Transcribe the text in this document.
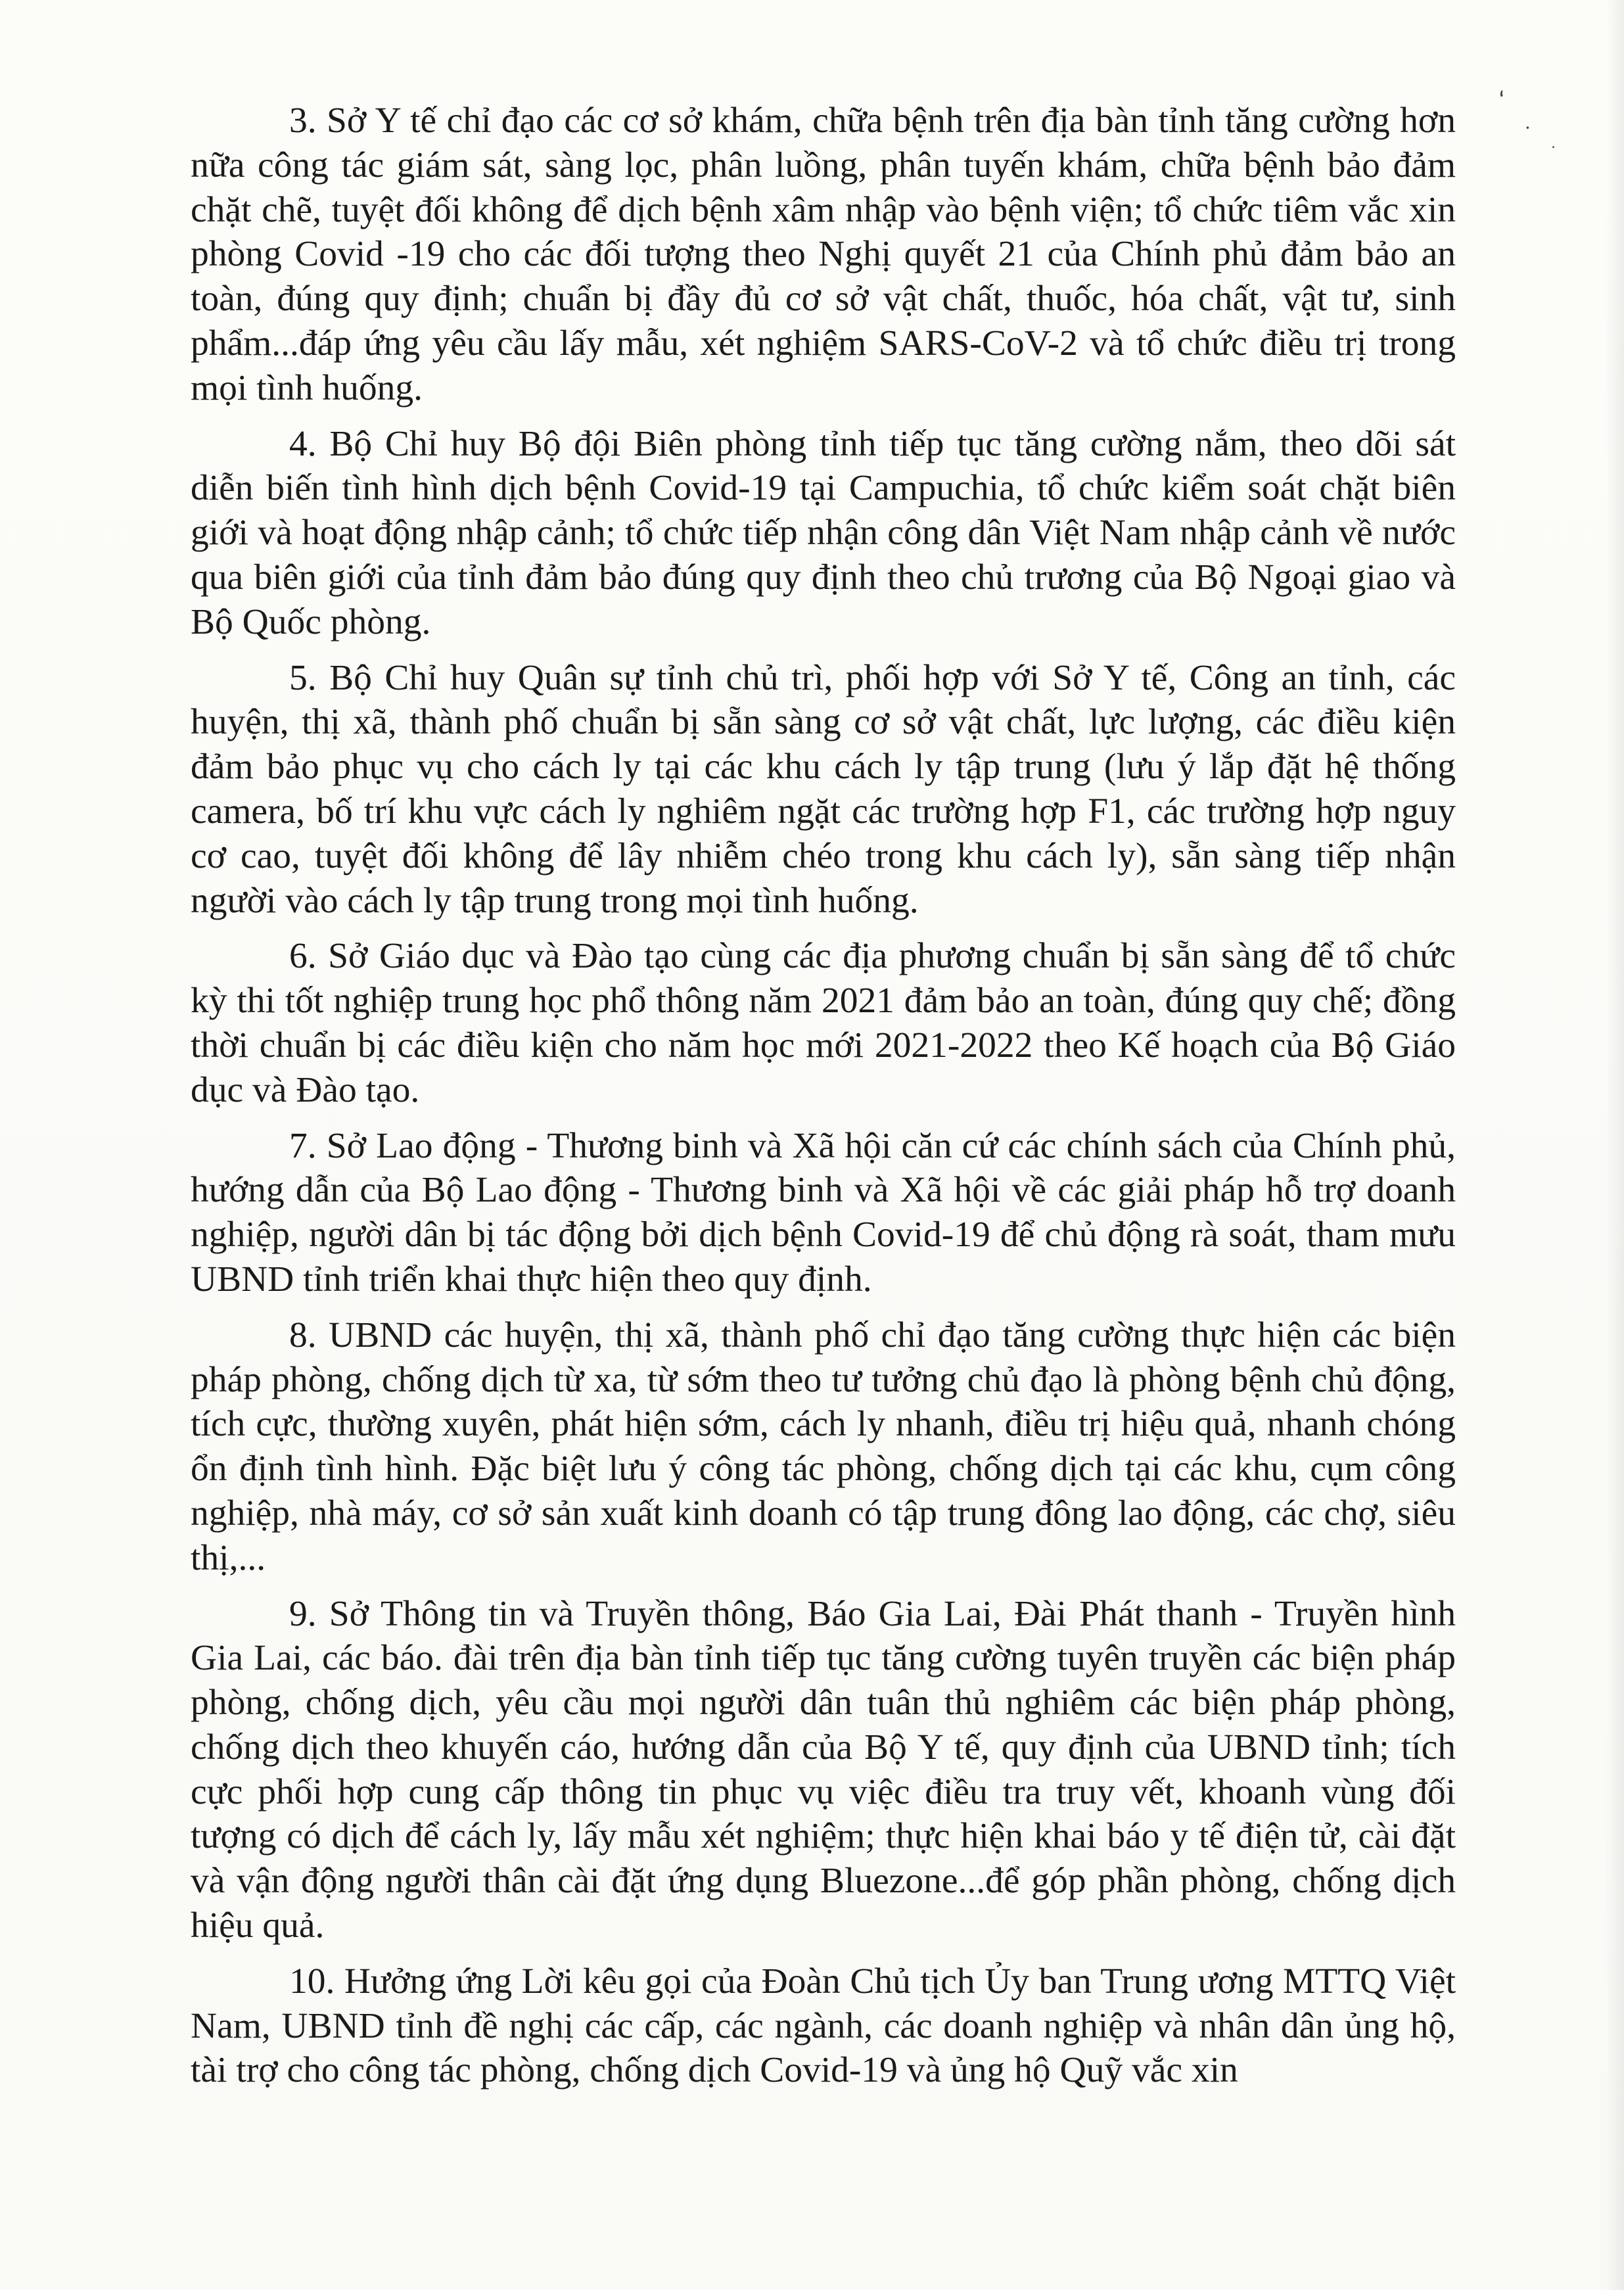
‘
·
.

3. Sở Y tế chỉ đạo các cơ sở khám, chữa bệnh trên địa bàn tỉnh tăng cường hơn nữa công tác giám sát, sàng lọc, phân luồng, phân tuyến khám, chữa bệnh bảo đảm chặt chẽ, tuyệt đối không để dịch bệnh xâm nhập vào bệnh viện; tổ chức tiêm vắc xin phòng Covid -19 cho các đối tượng theo Nghị quyết 21 của Chính phủ đảm bảo an toàn, đúng quy định; chuẩn bị đầy đủ cơ sở vật chất, thuốc, hóa chất, vật tư, sinh phẩm...đáp ứng yêu cầu lấy mẫu, xét nghiệm SARS-CoV-2 và tổ chức điều trị trong mọi tình huống.

4. Bộ Chỉ huy Bộ đội Biên phòng tỉnh tiếp tục tăng cường nắm, theo dõi sát diễn biến tình hình dịch bệnh Covid-19 tại Campuchia, tổ chức kiểm soát chặt biên giới và hoạt động nhập cảnh; tổ chức tiếp nhận công dân Việt Nam nhập cảnh về nước qua biên giới của tỉnh đảm bảo đúng quy định theo chủ trương của Bộ Ngoại giao và Bộ Quốc phòng.

5. Bộ Chỉ huy Quân sự tỉnh chủ trì, phối hợp với Sở Y tế, Công an tỉnh, các huyện, thị xã, thành phố chuẩn bị sẵn sàng cơ sở vật chất, lực lượng, các điều kiện đảm bảo phục vụ cho cách ly tại các khu cách ly tập trung (lưu ý lắp đặt hệ thống camera, bố trí khu vực cách ly nghiêm ngặt các trường hợp F1, các trường hợp nguy cơ cao, tuyệt đối không để lây nhiễm chéo trong khu cách ly), sẵn sàng tiếp nhận người vào cách ly tập trung trong mọi tình huống.

6. Sở Giáo dục và Đào tạo cùng các địa phương chuẩn bị sẵn sàng để tổ chức kỳ thi tốt nghiệp trung học phổ thông năm 2021 đảm bảo an toàn, đúng quy chế; đồng thời chuẩn bị các điều kiện cho năm học mới 2021-2022 theo Kế hoạch của Bộ Giáo dục và Đào tạo.

7. Sở Lao động - Thương binh và Xã hội căn cứ các chính sách của Chính phủ, hướng dẫn của Bộ Lao động - Thương binh và Xã hội về các giải pháp hỗ trợ doanh nghiệp, người dân bị tác động bởi dịch bệnh Covid-19 để chủ động rà soát, tham mưu UBND tỉnh triển khai thực hiện theo quy định.

8. UBND các huyện, thị xã, thành phố chỉ đạo tăng cường thực hiện các biện pháp phòng, chống dịch từ xa, từ sớm theo tư tưởng chủ đạo là phòng bệnh chủ động, tích cực, thường xuyên, phát hiện sớm, cách ly nhanh, điều trị hiệu quả, nhanh chóng ổn định tình hình. Đặc biệt lưu ý công tác phòng, chống dịch tại các khu, cụm công nghiệp, nhà máy, cơ sở sản xuất kinh doanh có tập trung đông lao động, các chợ, siêu thị,...

9. Sở Thông tin và Truyền thông, Báo Gia Lai, Đài Phát thanh - Truyền hình Gia Lai, các báo. đài trên địa bàn tỉnh tiếp tục tăng cường tuyên truyền các biện pháp phòng, chống dịch, yêu cầu mọi người dân tuân thủ nghiêm các biện pháp phòng, chống dịch theo khuyến cáo, hướng dẫn của Bộ Y tế, quy định của UBND tỉnh; tích cực phối hợp cung cấp thông tin phục vụ việc điều tra truy vết, khoanh vùng đối tượng có dịch để cách ly, lấy mẫu xét nghiệm; thực hiện khai báo y tế điện tử, cài đặt và vận động người thân cài đặt ứng dụng Bluezone...để góp phần phòng, chống dịch hiệu quả.

10. Hưởng ứng Lời kêu gọi của Đoàn Chủ tịch Ủy ban Trung ương MTTQ Việt Nam, UBND tỉnh đề nghị các cấp, các ngành, các doanh nghiệp và nhân dân ủng hộ, tài trợ cho công tác phòng, chống dịch Covid-19 và ủng hộ Quỹ vắc xin
